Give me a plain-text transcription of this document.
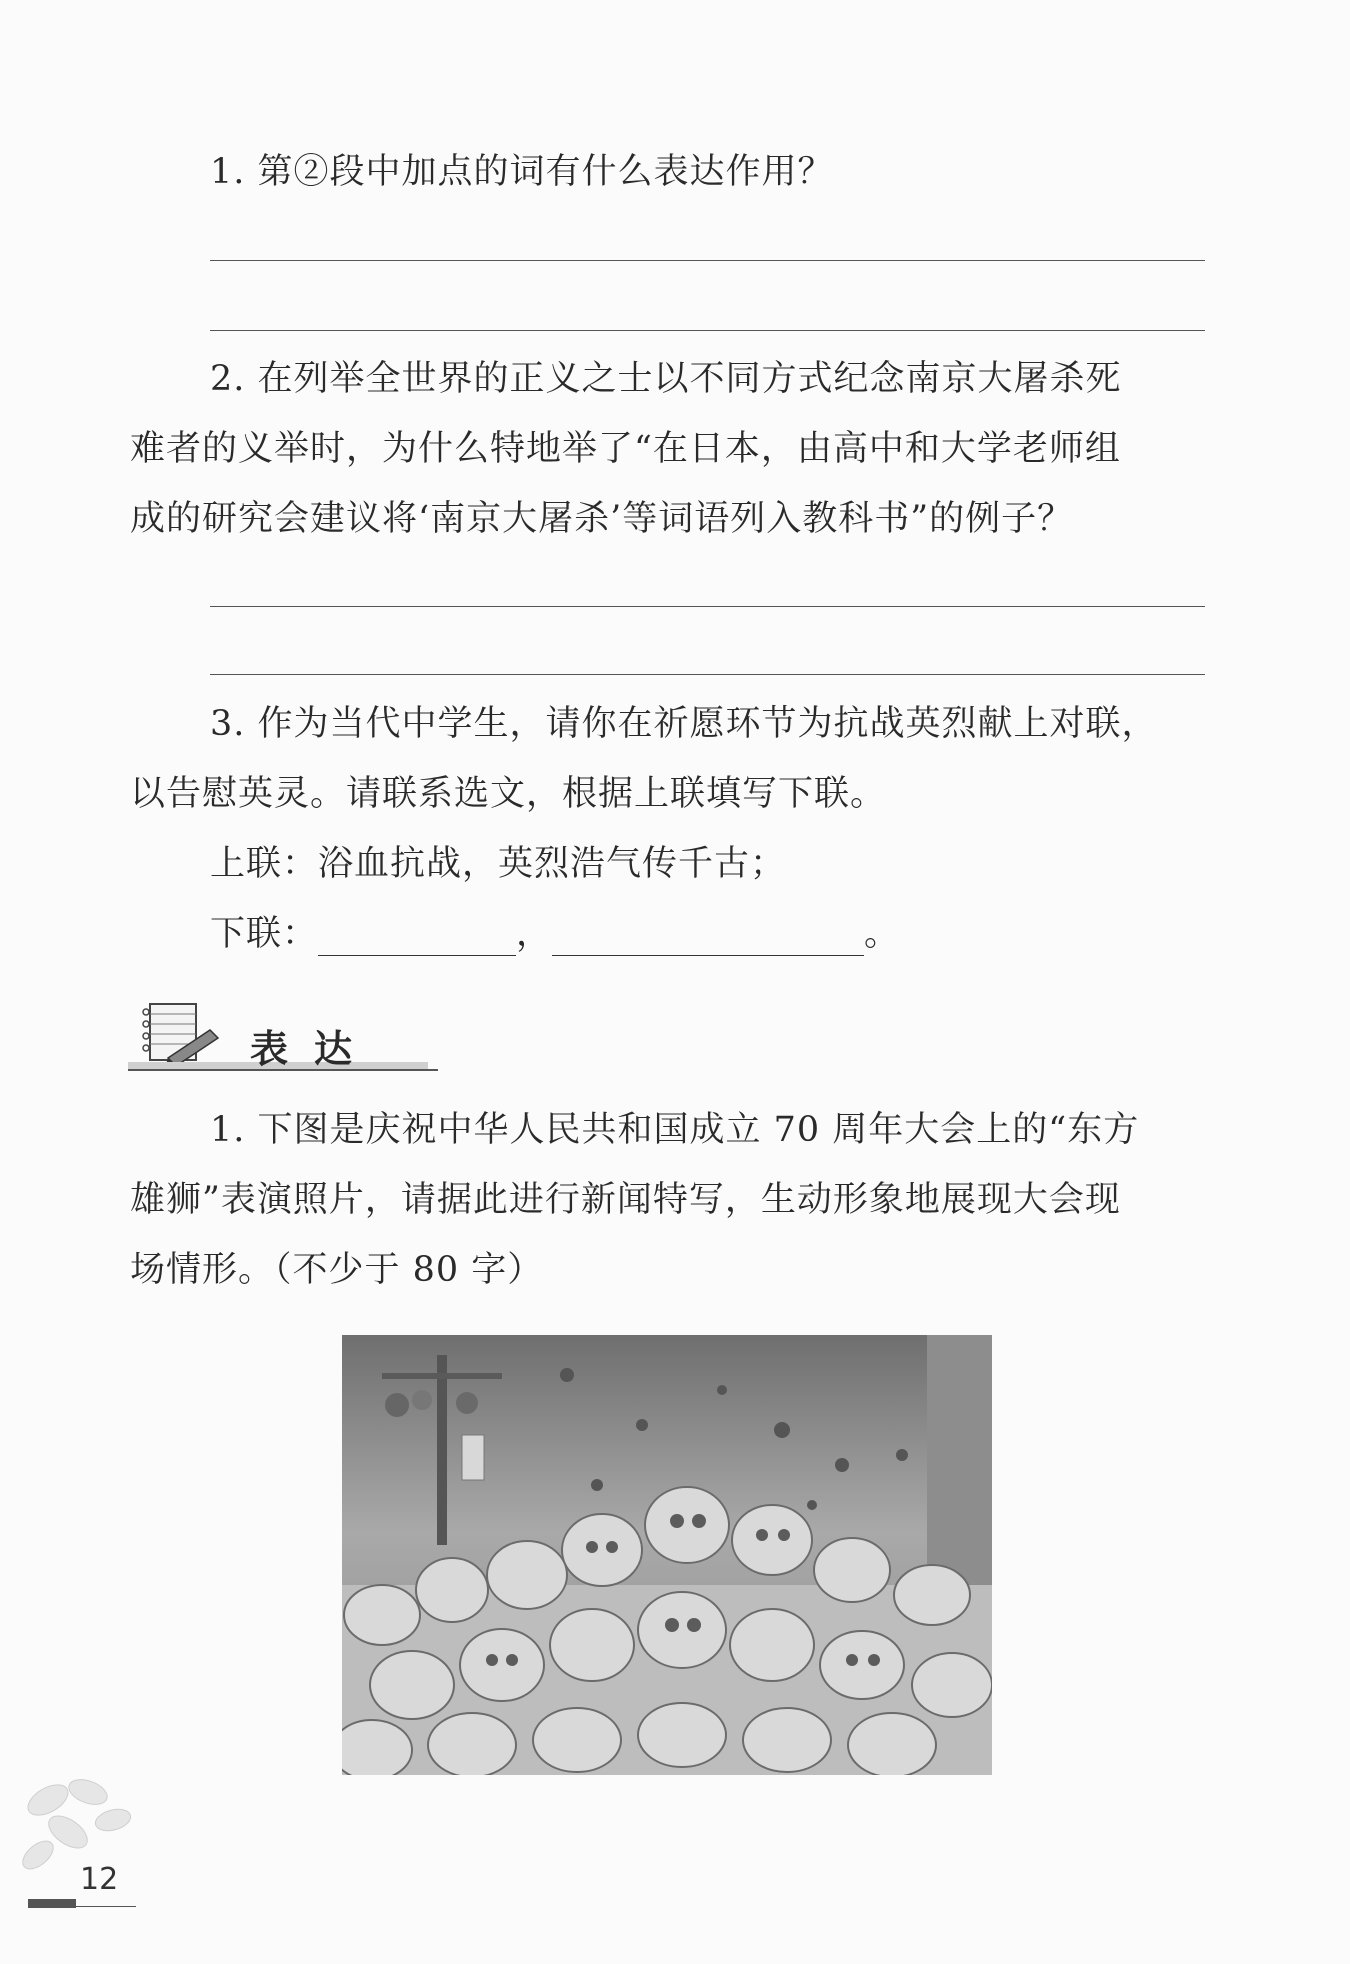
1. 第②段中加点的词有什么表达作用？
2. 在列举全世界的正义之士以不同方式纪念南京大屠杀死
难者的义举时，为什么特地举了“在日本，由高中和大学老师组
成的研究会建议将‘南京大屠杀’等词语列入教科书”的例子？
3. 作为当代中学生，请你在祈愿环节为抗战英烈献上对联，
以告慰英灵。请联系选文，根据上联填写下联。
上联：浴血抗战，英烈浩气传千古；
下联：	，	。
表达
1. 下图是庆祝中华人民共和国成立 70 周年大会上的“东方
雄狮”表演照片，请据此进行新闻特写，生动形象地展现大会现
场情形。（不少于 80 字）
12
